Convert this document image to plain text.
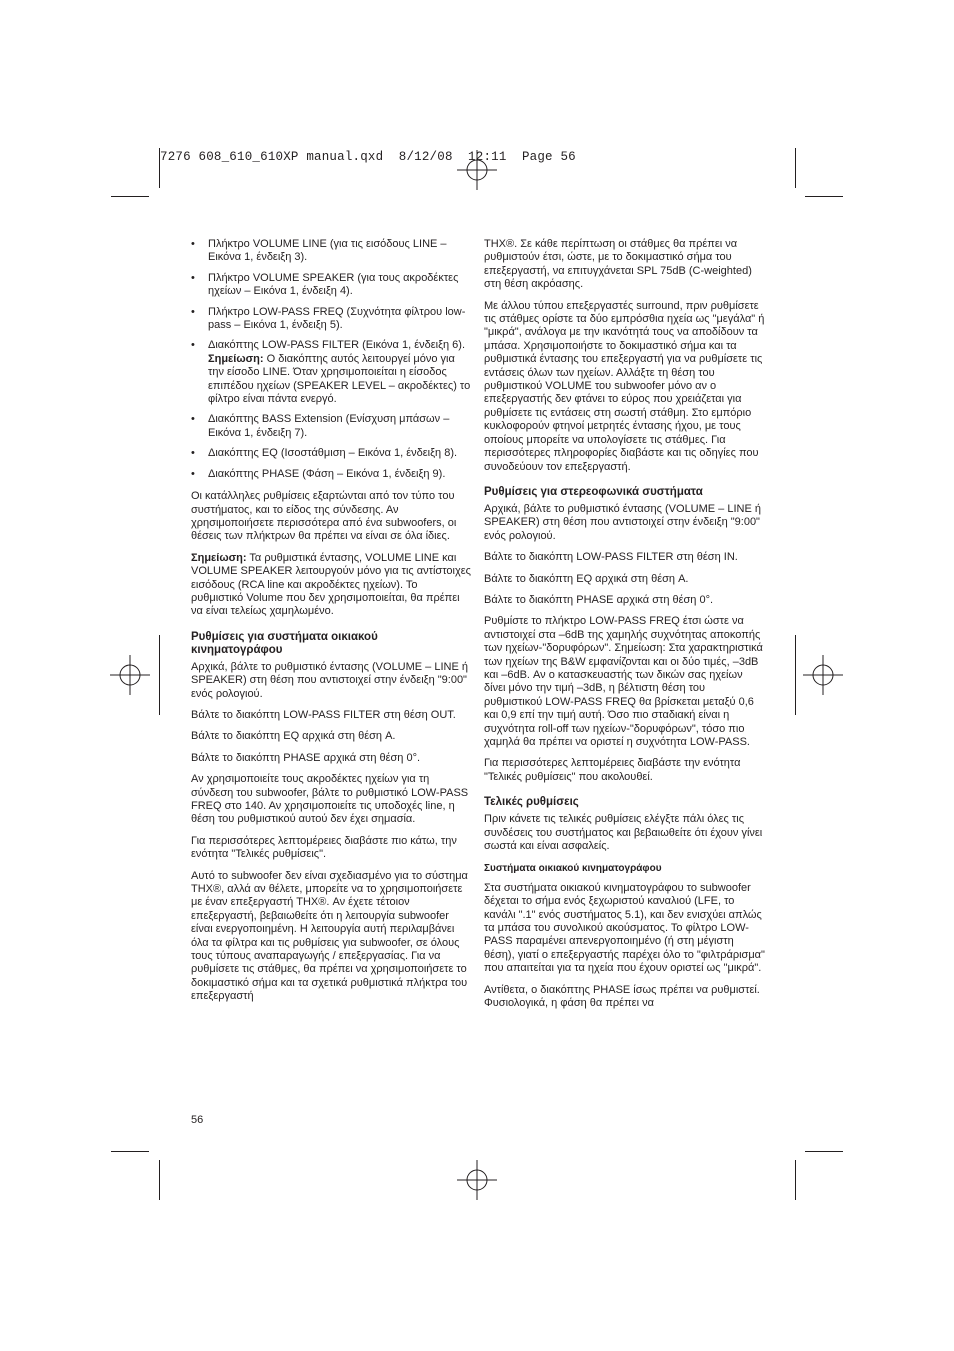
7276 608_610_610XP manual.qxd  8/12/08  12:11  Page 56
• Πλήκτρο VOLUME LINE (για τις εισόδους LINE – Εικόνα 1, ένδειξη 3).
• Πλήκτρο VOLUME SPEAKER (για τους ακροδέκτες ηχείων – Εικόνα 1, ένδειξη 4).
• Πλήκτρο LOW-PASS FREQ (Συχνότητα φίλτρου low-pass – Εικόνα 1, ένδειξη 5).
• Διακόπτης LOW-PASS FILTER (Εικόνα 1, ένδειξη 6).
Σημείωση: Ο διακόπτης αυτός λειτουργεί μόνο για την είσοδο LINE. Όταν χρησιμοποιείται η είσοδος επιπέδου ηχείων (SPEAKER LEVEL – ακροδέκτες) το φίλτρο είναι πάντα ενεργό.
• Διακόπτης BASS Extension (Ενίσχυση μπάσων – Εικόνα 1, ένδειξη 7).
• Διακόπτης EQ (Ισοστάθμιση – Εικόνα 1, ένδειξη 8).
• Διακόπτης PHASE (Φάση – Εικόνα 1, ένδειξη 9).

Οι κατάλληλες ρυθμίσεις εξαρτώνται από τον τύπο του συστήματος, και το είδος της σύνδεσης. Αν χρησιμοποιήσετε περισσότερα από ένα subwoofers, οι θέσεις των πλήκτρων θα πρέπει να είναι σε όλα ίδιες.

Σημείωση: Τα ρυθμιστικά έντασης, VOLUME LINE και VOLUME SPEAKER λειτουργούν μόνο για τις αντίστοιχες εισόδους (RCA line και ακροδέκτες ηχείων). Το ρυθμιστικό Volume που δεν χρησιμοποιείται, θα πρέπει να είναι τελείως χαμηλωμένο.

Ρυθμίσεις για συστήματα οικιακού κινηματογράφου

Αρχικά, βάλτε το ρυθμιστικό έντασης (VOLUME – LINE ή SPEAKER) στη θέση που αντιστοιχεί στην ένδειξη "9:00" ενός ρολογιού.

Βάλτε το διακόπτη LOW-PASS FILTER στη θέση OUT.

Βάλτε το διακόπτη EQ αρχικά στη θέση A.

Βάλτε το διακόπτη PHASE αρχικά στη θέση 0°.

Αν χρησιμοποιείτε τους ακροδέκτες ηχείων για τη σύνδεση του subwoofer, βάλτε το ρυθμιστικό LOW-PASS FREQ στο 140. Αν χρησιμοποιείτε τις υποδοχές line, η θέση του ρυθμιστικού αυτού δεν έχει σημασία.

Για περισσότερες λεπτομέρειες διαβάστε πιο κάτω, την ενότητα "Τελικές ρυθμίσεις".

Αυτό το subwoofer δεν είναι σχεδιασμένο για το σύστημα THX®, αλλά αν θέλετε, μπορείτε να το χρησιμοποιήσετε με έναν επεξεργαστή THX®. Αν έχετε τέτοιον επεξεργαστή, βεβαιωθείτε ότι η λειτουργία subwoofer είναι ενεργοποιημένη. Η λειτουργία αυτή περιλαμβάνει όλα τα φίλτρα και τις ρυθμίσεις για subwoofer, σε όλους τους τύπους αναπαραγωγής / επεξεργασίας. Για να ρυθμίσετε τις στάθμες, θα πρέπει να χρησιμοποιήσετε το δοκιμαστικό σήμα και τα σχετικά ρυθμιστικά πλήκτρα του επεξεργαστή

THX®. Σε κάθε περίπτωση οι στάθμες θα πρέπει να ρυθμιστούν έτσι, ώστε, με το δοκιμαστικό σήμα του επεξεργαστή, να επιτυγχάνεται SPL 75dB (C-weighted) στη θέση ακρόασης.

Με άλλου τύπου επεξεργαστές surround, πριν ρυθμίσετε τις στάθμες ορίστε τα δύο εμπρόσθια ηχεία ως "μεγάλα" ή "μικρά", ανάλογα με την ικανότητά τους να αποδίδουν τα μπάσα. Χρησιμοποιήστε το δοκιμαστικό σήμα και τα ρυθμιστικά έντασης του επεξεργαστή για να ρυθμίσετε τις εντάσεις όλων των ηχείων. Αλλάξτε τη θέση του ρυθμιστικού VOLUME του subwoofer μόνο αν ο επεξεργαστής δεν φτάνει το εύρος που χρειάζεται για ρυθμίσετε τις εντάσεις στη σωστή στάθμη. Στο εμπόριο κυκλοφορούν φτηνοί μετρητές έντασης ήχου, με τους οποίους μπορείτε να υπολογίσετε τις στάθμες. Για περισσότερες πληροφορίες διαβάστε και τις οδηγίες που συνοδεύουν τον επεξεργαστή.

Ρυθμίσεις για στερεοφωνικά συστήματα

Αρχικά, βάλτε το ρυθμιστικό έντασης (VOLUME – LINE ή SPEAKER) στη θέση που αντιστοιχεί στην ένδειξη "9:00" ενός ρολογιού.

Βάλτε το διακόπτη LOW-PASS FILTER στη θέση IN.

Βάλτε το διακόπτη EQ αρχικά στη θέση A.

Βάλτε το διακόπτη PHASE αρχικά στη θέση 0°.

Ρυθμίστε το πλήκτρο LOW-PASS FREQ έτσι ώστε να αντιστοιχεί στα –6dB της χαμηλής συχνότητας αποκοπής των ηχείων-"δορυφόρων". Σημείωση: Στα χαρακτηριστικά των ηχείων της B&W εμφανίζονται και οι δύο τιμές, –3dB και –6dB. Αν ο κατασκευαστής των δικών σας ηχείων δίνει μόνο την τιμή –3dB, η βέλτιστη θέση του ρυθμιστικού LOW-PASS FREQ θα βρίσκεται μεταξύ 0,6 και 0,9 επί την τιμή αυτή. Όσο πιο σταδιακή είναι η συχνότητα roll-off των ηχείων-"δορυφόρων", τόσο πιο χαμηλά θα πρέπει να οριστεί η συχνότητα LOW-PASS.

Για περισσότερες λεπτομέρειες διαβάστε την ενότητα "Τελικές ρυθμίσεις" που ακολουθεί.

Τελικές ρυθμίσεις

Πριν κάνετε τις τελικές ρυθμίσεις ελέγξτε πάλι όλες τις συνδέσεις του συστήματος και βεβαιωθείτε ότι έχουν γίνει σωστά και είναι ασφαλείς.

Συστήματα οικιακού κινηματογράφου

Στα συστήματα οικιακού κινηματογράφου το subwoofer δέχεται το σήμα ενός ξεχωριστού καναλιού (LFE, το κανάλι ".1" ενός συστήματος 5.1), και δεν ενισχύει απλώς τα μπάσα του συνολικού ακούσματος. Το φίλτρο LOW-PASS παραμένει απενεργοποιημένο (ή στη μέγιστη θέση), γιατί ο επεξεργαστής παρέχει όλο το "φιλτράρισμα" που απαιτείται για τα ηχεία που έχουν οριστεί ως "μικρά".

Αντίθετα, ο διακόπτης PHASE ίσως πρέπει να ρυθμιστεί. Φυσιολογικά, η φάση θα πρέπει να

56
